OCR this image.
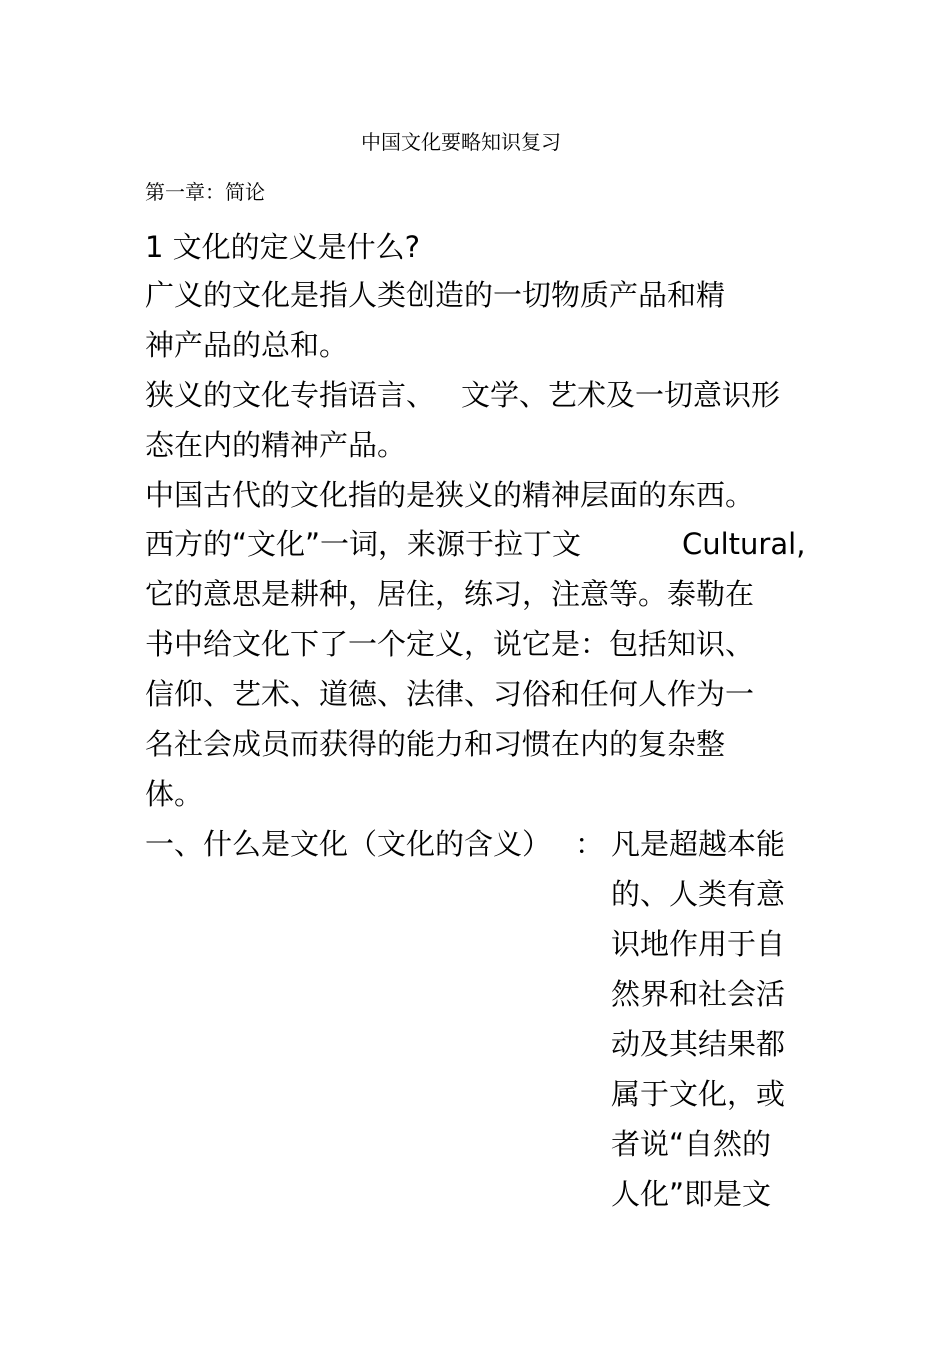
中国文化要略知识复习
第一章：简论
1 文化的定义是什么?
广义的文化是指人类创造的一切物质产品和精
神产品的总和。
狭义的文化专指语言、 文学、艺术及一切意识形
态在内的精神产品。
中国古代的文化指的是狭义的精神层面的东西。
西方的“文化”一词，来源于拉丁文	Cultural,
它的意思是耕种，居住，练习，注意等。泰勒在
书中给文化下了一个定义，说它是：包括知识、
信仰、艺术、道德、法律、习俗和任何人作为一
名社会成员而获得的能力和习惯在内的复杂整
体。
一、什么是文化（文化的含义） ： 凡是超越本能
的、人类有意
识地作用于自
然界和社会活
动及其结果都
属于文化，或
者说“自然的
人化”即是文
